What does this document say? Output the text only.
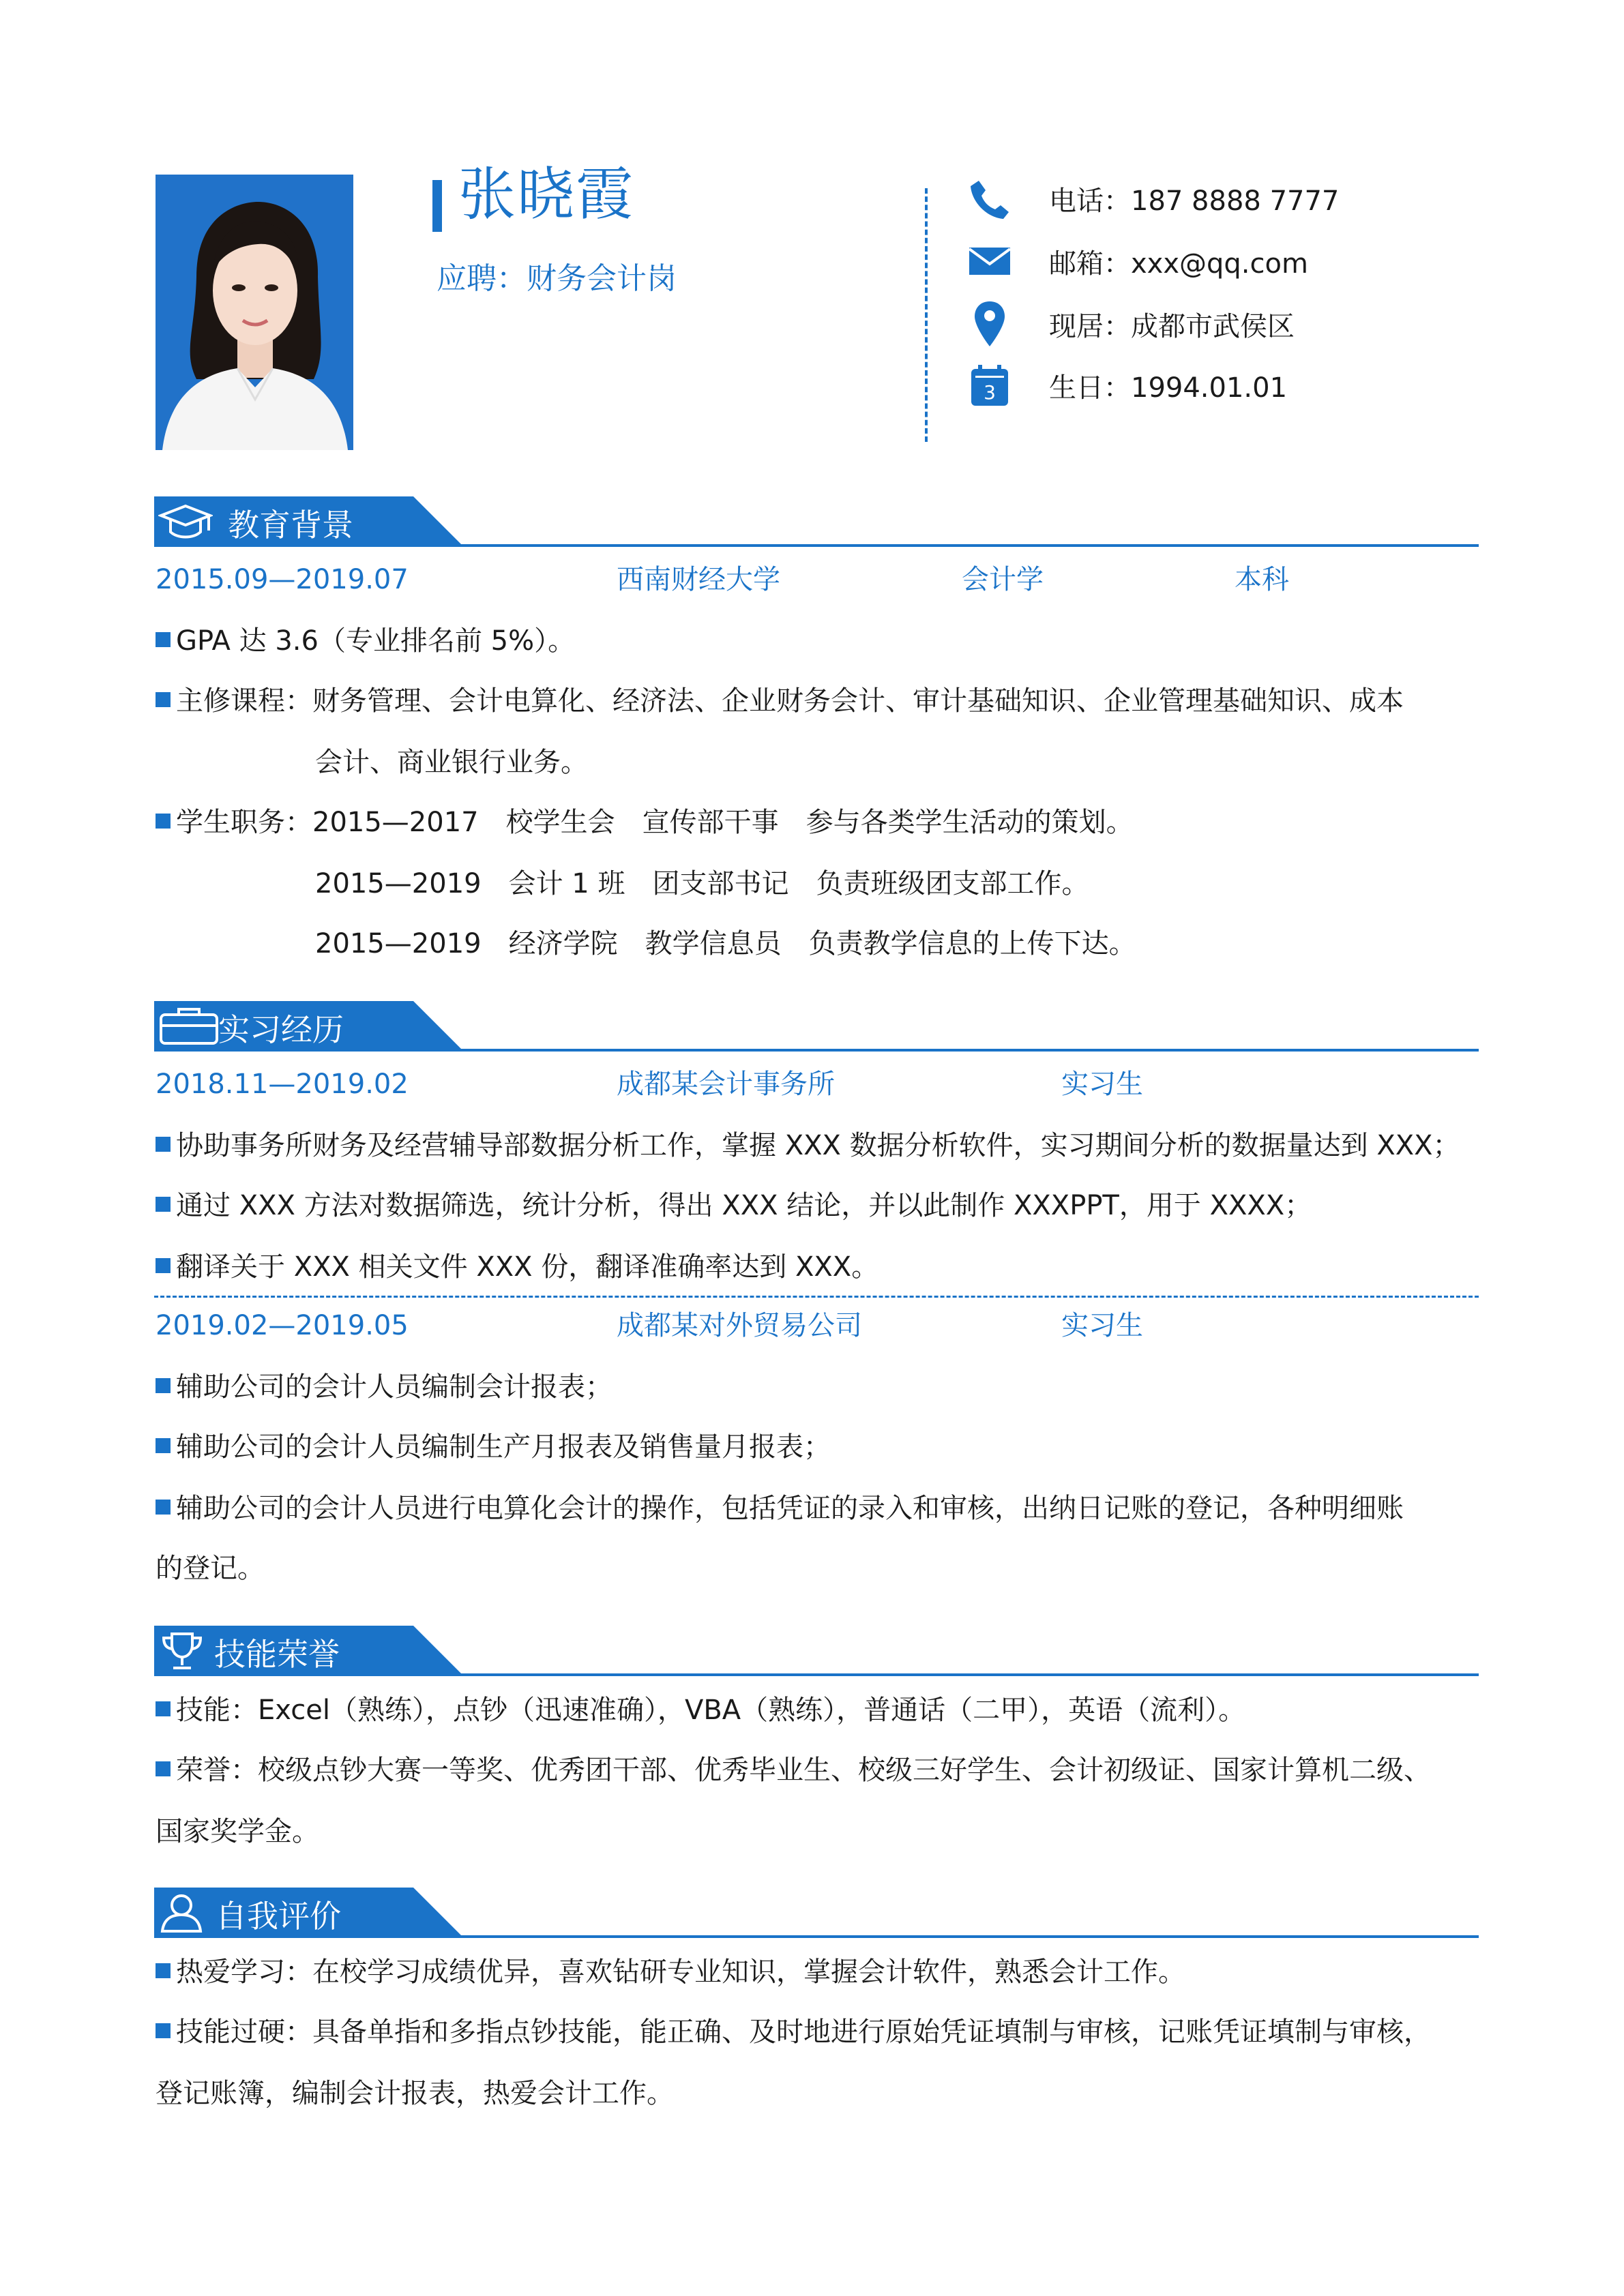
张晓霞
应聘：财务会计岗
电话：187 8888 7777
邮箱：xxx@qq.com
现居：成都市武侯区
3 生日：1994.01.01
教育背景
2015.09—2019.07	西南财经大学	会计学	本科
GPA 达 3.6（专业排名前 5%）。
主修课程：财务管理、会计电算化、经济法、企业财务会计、审计基础知识、企业管理基础知识、成本
会计、商业银行业务。
学生职务：2015—2017　校学生会　宣传部干事　参与各类学生活动的策划。
2015—2019　会计 1 班　团支部书记　负责班级团支部工作。
2015—2019　经济学院　教学信息员　负责教学信息的上传下达。
实习经历
2018.11—2019.02	成都某会计事务所	实习生
协助事务所财务及经营辅导部数据分析工作，掌握 XXX 数据分析软件，实习期间分析的数据量达到 XXX；
通过 XXX 方法对数据筛选，统计分析，得出 XXX 结论，并以此制作 XXXPPT，用于 XXXX；
翻译关于 XXX 相关文件 XXX 份，翻译准确率达到 XXX。
2019.02—2019.05	成都某对外贸易公司	实习生
辅助公司的会计人员编制会计报表；
辅助公司的会计人员编制生产月报表及销售量月报表；
辅助公司的会计人员进行电算化会计的操作，包括凭证的录入和审核，出纳日记账的登记，各种明细账
的登记。
技能荣誉
技能：Excel（熟练），点钞（迅速准确），VBA（熟练），普通话（二甲），英语（流利）。
荣誉：校级点钞大赛一等奖、优秀团干部、优秀毕业生、校级三好学生、会计初级证、国家计算机二级、
国家奖学金。
自我评价
热爱学习：在校学习成绩优异，喜欢钻研专业知识，掌握会计软件，熟悉会计工作。
技能过硬：具备单指和多指点钞技能，能正确、及时地进行原始凭证填制与审核，记账凭证填制与审核，
登记账簿，编制会计报表，热爱会计工作。
